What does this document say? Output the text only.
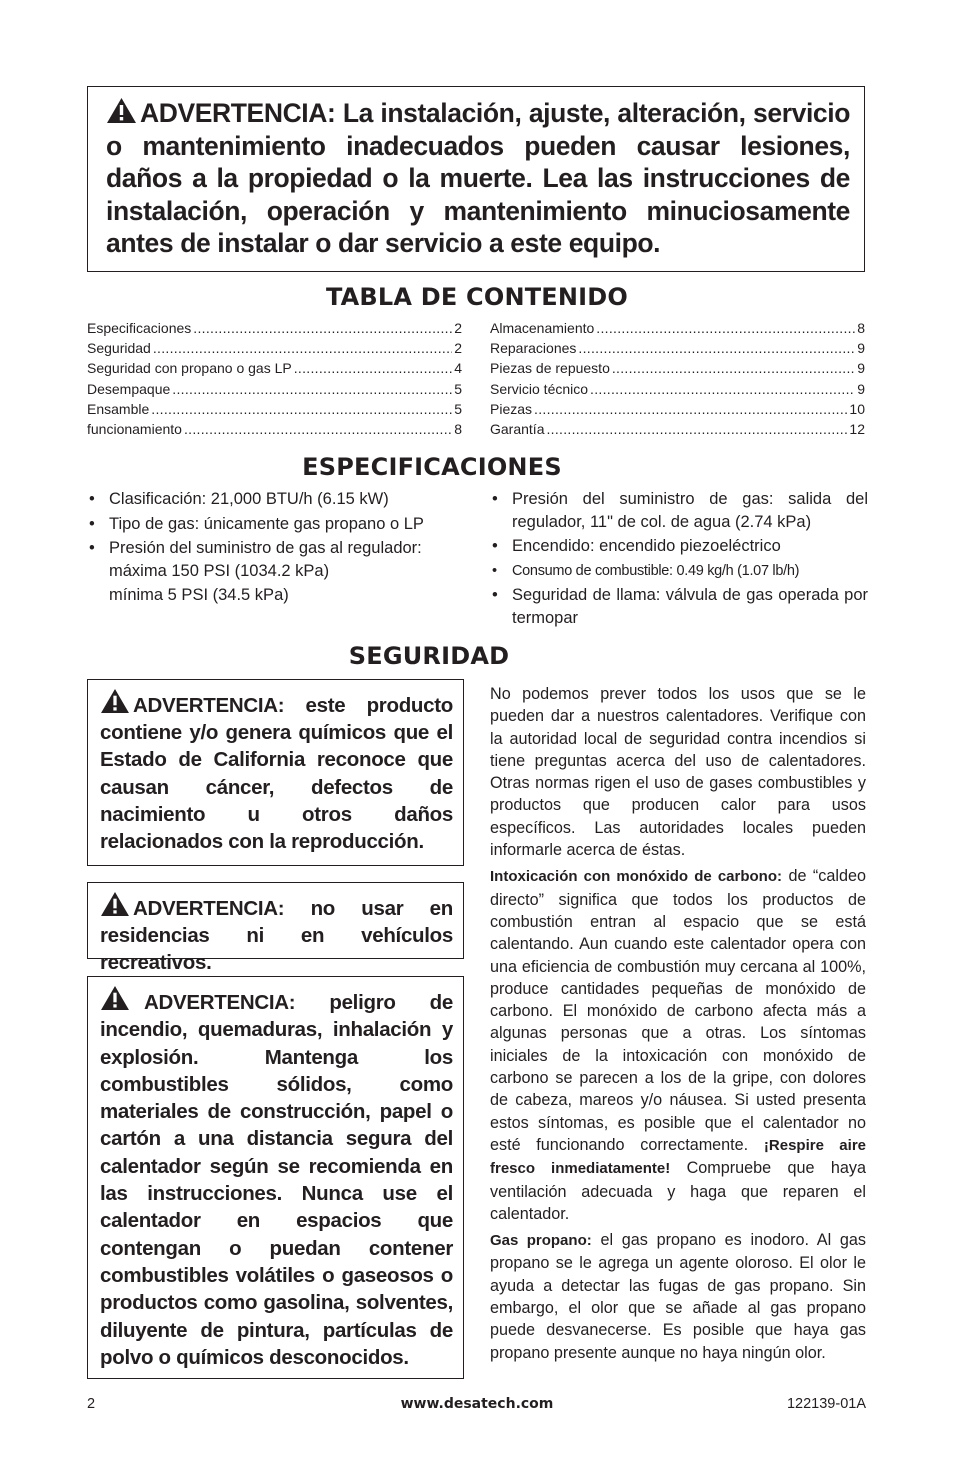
ADVERTENCIA: La instalación, ajuste, alteración, servicio o mantenimiento inadecuados pueden causar lesiones, daños a la propiedad o la muerte. Lea las instrucciones de instalación, operación y mantenimiento minuciosamente antes de instalar o dar servicio a este equipo.

TABLA DE CONTENIDO
Especificaciones .....	2
Seguridad .....	2
Seguridad con propano o gas LP .....	4
Desempaque .....	5
Ensamble .....	5
funcionamiento .....	8
Almacenamiento .....	8
Reparaciones .....	9
Piezas de repuesto .....	9
Servicio técnico .....	9
Piezas .....	10
Garantía .....	12
ESPECIFICACIONES
• Clasificación: 21,000 BTU/h (6.15 kW)
• Tipo de gas: únicamente gas propano o LP
• Presión del suministro de gas al regulador: máxima 150 PSI (1034.2 kPa)
mínima 5 PSI (34.5 kPa)
• Presión del suministro de gas: salida del regulador, 11" de col. de agua (2.74 kPa)
• Encendido: encendido piezoeléctrico
• Consumo de combustible: 0.49 kg/h (1.07 lb/h)
• Seguridad de llama: válvula de gas operada por termopar
SEGURIDAD

ADVERTENCIA: este producto contiene y/o genera químicos que el Estado de California reconoce que causan cáncer, defectos de nacimiento u otros daños relacionados con la reproducción.

ADVERTENCIA: no usar en residencias ni en vehículos recreativos.

ADVERTENCIA: peligro de incendio, quemaduras, inhalación y explosión. Mantenga los combustibles sólidos, como materiales de construcción, papel o cartón a una distancia segura del calentador según se recomienda en las instrucciones. Nunca use el calentador en espacios que contengan o puedan contener combustibles volátiles o gaseosos o productos como gasolina, solventes, diluyente de pintura, partículas de polvo o químicos desconocidos.

No podemos prever todos los usos que se le pueden dar a nuestros calentadores. Verifique con la autoridad local de seguridad contra incendios si tiene preguntas acerca del uso de calentadores. Otras normas rigen el uso de gases combustibles y productos que producen calor para usos específicos. Las autoridades locales pueden informarle acerca de éstas.

Intoxicación con monóxido de carbono: de “caldeo directo” significa que todos los productos de combustión entran al espacio que se está calentando. Aun cuando este calentador opera con una eficiencia de combustión muy cercana al 100%, produce cantidades pequeñas de monóxido de carbono. El monóxido de carbono afecta más a algunas personas que a otras. Los síntomas iniciales de la intoxicación con monóxido de carbono se parecen a los de la gripe, con dolores de cabeza, mareos y/o náusea. Si usted presenta estos síntomas, es posible que el calentador no esté funcionando correctamente. ¡Respire aire fresco inmediatamente! Compruebe que haya ventilación adecuada y haga que reparen el calentador.

Gas propano: el gas propano es inodoro. Al gas propano se le agrega un agente oloroso. El olor le ayuda a detectar las fugas de gas propano. Sin embargo, el olor que se añade al gas propano puede desvanecerse. Es posible que haya gas propano presente aunque no haya ningún olor.

2	www.desatech.com	122139-01A
